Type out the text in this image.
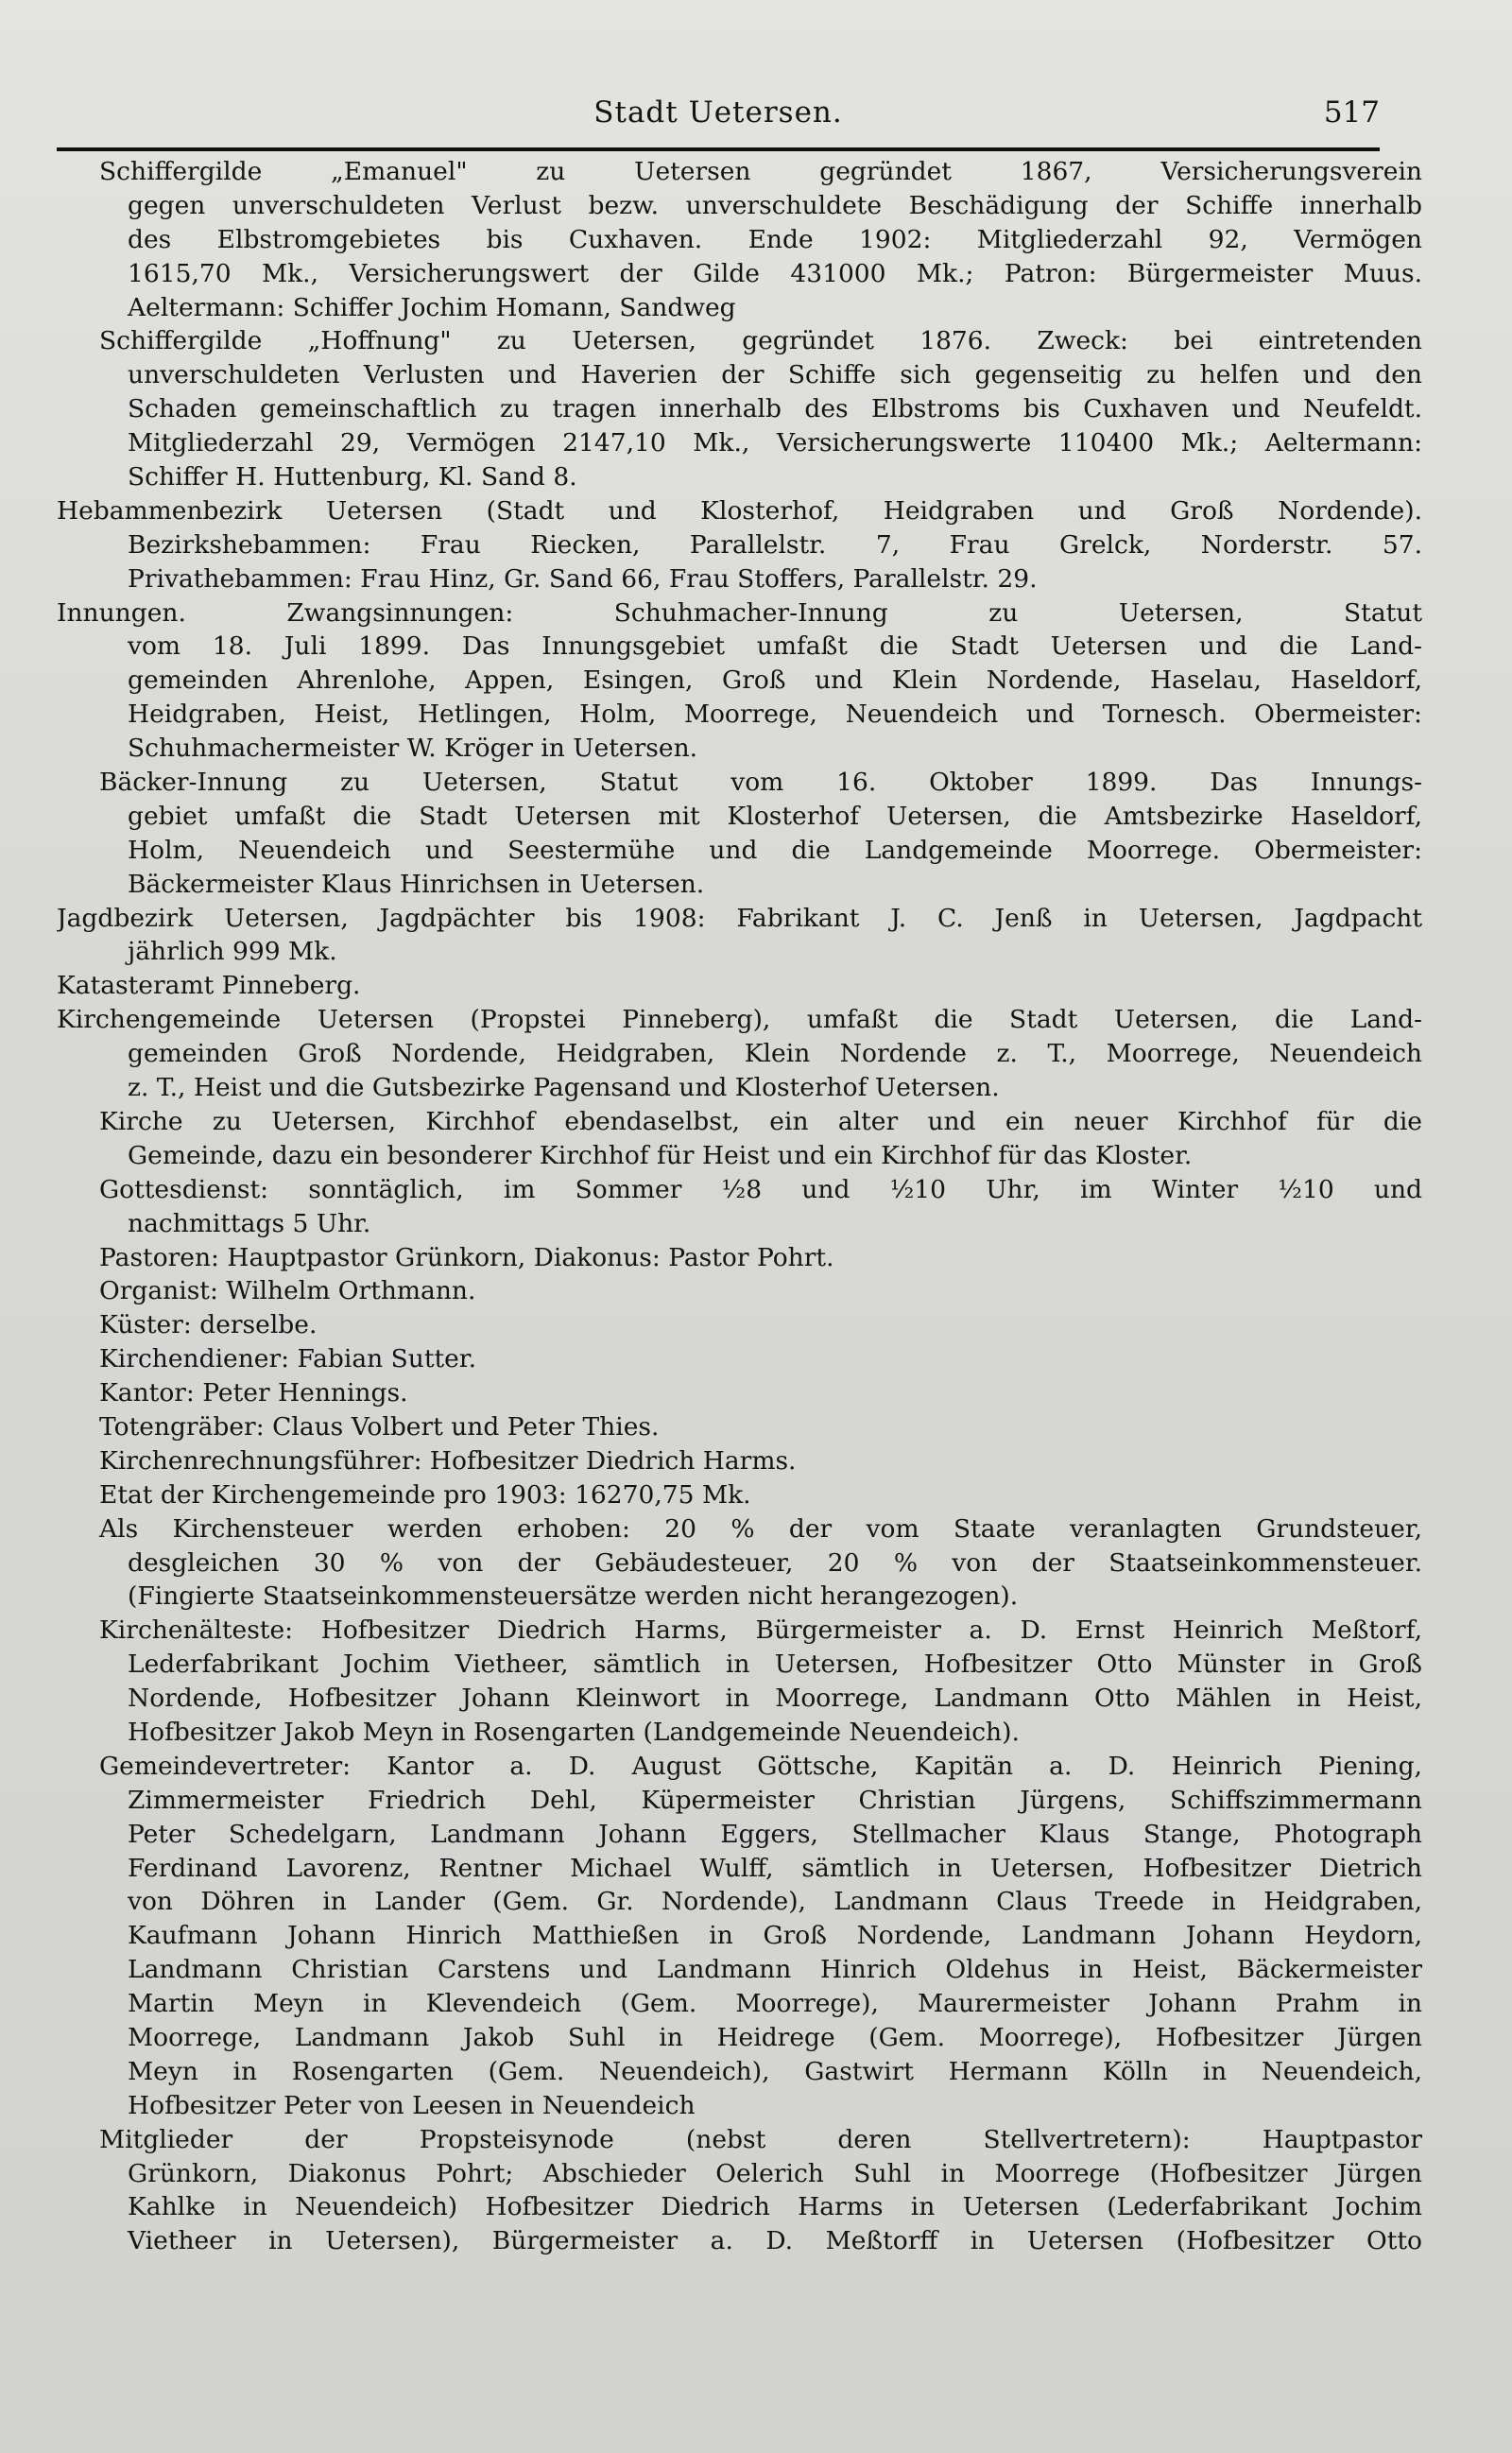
Stadt Uetersen.	517
Schiffergilde „Emanuel" zu Uetersen gegründet 1867, Versicherungsverein
gegen unverschuldeten Verlust bezw. unverschuldete Beschädigung der Schiffe innerhalb
des Elbstromgebietes bis Cuxhaven. Ende 1902: Mitgliederzahl 92, Vermögen
1615,70 Mk., Versicherungswert der Gilde 431000 Mk.; Patron: Bürgermeister Muus.
Aeltermann: Schiffer Jochim Homann, Sandweg
Schiffergilde „Hoffnung" zu Uetersen, gegründet 1876. Zweck: bei eintretenden
unverschuldeten Verlusten und Haverien der Schiffe sich gegenseitig zu helfen und den
Schaden gemeinschaftlich zu tragen innerhalb des Elbstroms bis Cuxhaven und Neufeldt.
Mitgliederzahl 29, Vermögen 2147,10 Mk., Versicherungswerte 110400 Mk.; Aeltermann:
Schiffer H. Huttenburg, Kl. Sand 8.
Hebammenbezirk Uetersen (Stadt und Klosterhof, Heidgraben und Groß Nordende).
Bezirkshebammen: Frau Riecken, Parallelstr. 7, Frau Grelck, Norderstr. 57.
Privathebammen: Frau Hinz, Gr. Sand 66, Frau Stoffers, Parallelstr. 29.
Innungen. Zwangsinnungen: Schuhmacher-Innung zu Uetersen, Statut
vom 18. Juli 1899. Das Innungsgebiet umfaßt die Stadt Uetersen und die Land-
gemeinden Ahrenlohe, Appen, Esingen, Groß und Klein Nordende, Haselau, Haseldorf,
Heidgraben, Heist, Hetlingen, Holm, Moorrege, Neuendeich und Tornesch. Obermeister:
Schuhmachermeister W. Kröger in Uetersen.
Bäcker-Innung zu Uetersen, Statut vom 16. Oktober 1899. Das Innungs-
gebiet umfaßt die Stadt Uetersen mit Klosterhof Uetersen, die Amtsbezirke Haseldorf,
Holm, Neuendeich und Seestermühe und die Landgemeinde Moorrege. Obermeister:
Bäckermeister Klaus Hinrichsen in Uetersen.
Jagdbezirk Uetersen, Jagdpächter bis 1908: Fabrikant J. C. Jenß in Uetersen, Jagdpacht
jährlich 999 Mk.
Katasteramt Pinneberg.
Kirchengemeinde Uetersen (Propstei Pinneberg), umfaßt die Stadt Uetersen, die Land-
gemeinden Groß Nordende, Heidgraben, Klein Nordende z. T., Moorrege, Neuendeich
z. T., Heist und die Gutsbezirke Pagensand und Klosterhof Uetersen.
Kirche zu Uetersen, Kirchhof ebendaselbst, ein alter und ein neuer Kirchhof für die
Gemeinde, dazu ein besonderer Kirchhof für Heist und ein Kirchhof für das Kloster.
Gottesdienst: sonntäglich, im Sommer ½8 und ½10 Uhr, im Winter ½10 und
nachmittags 5 Uhr.
Pastoren: Hauptpastor Grünkorn, Diakonus: Pastor Pohrt.
Organist: Wilhelm Orthmann.
Küster: derselbe.
Kirchendiener: Fabian Sutter.
Kantor: Peter Hennings.
Totengräber: Claus Volbert und Peter Thies.
Kirchenrechnungsführer: Hofbesitzer Diedrich Harms.
Etat der Kirchengemeinde pro 1903: 16270,75 Mk.
Als Kirchensteuer werden erhoben: 20 % der vom Staate veranlagten Grundsteuer,
desgleichen 30 % von der Gebäudesteuer, 20 % von der Staatseinkommensteuer.
(Fingierte Staatseinkommensteuersätze werden nicht herangezogen).
Kirchenälteste: Hofbesitzer Diedrich Harms, Bürgermeister a. D. Ernst Heinrich Meßtorf,
Lederfabrikant Jochim Vietheer, sämtlich in Uetersen, Hofbesitzer Otto Münster in Groß
Nordende, Hofbesitzer Johann Kleinwort in Moorrege, Landmann Otto Mählen in Heist,
Hofbesitzer Jakob Meyn in Rosengarten (Landgemeinde Neuendeich).
Gemeindevertreter: Kantor a. D. August Göttsche, Kapitän a. D. Heinrich Piening,
Zimmermeister Friedrich Dehl, Küpermeister Christian Jürgens, Schiffszimmermann
Peter Schedelgarn, Landmann Johann Eggers, Stellmacher Klaus Stange, Photograph
Ferdinand Lavorenz, Rentner Michael Wulff, sämtlich in Uetersen, Hofbesitzer Dietrich
von Döhren in Lander (Gem. Gr. Nordende), Landmann Claus Treede in Heidgraben,
Kaufmann Johann Hinrich Matthießen in Groß Nordende, Landmann Johann Heydorn,
Landmann Christian Carstens und Landmann Hinrich Oldehus in Heist, Bäckermeister
Martin Meyn in Klevendeich (Gem. Moorrege), Maurermeister Johann Prahm in
Moorrege, Landmann Jakob Suhl in Heidrege (Gem. Moorrege), Hofbesitzer Jürgen
Meyn in Rosengarten (Gem. Neuendeich), Gastwirt Hermann Kölln in Neuendeich,
Hofbesitzer Peter von Leesen in Neuendeich
Mitglieder der Propsteisynode (nebst deren Stellvertretern): Hauptpastor
Grünkorn, Diakonus Pohrt; Abschieder Oelerich Suhl in Moorrege (Hofbesitzer Jürgen
Kahlke in Neuendeich) Hofbesitzer Diedrich Harms in Uetersen (Lederfabrikant Jochim
Vietheer in Uetersen), Bürgermeister a. D. Meßtorff in Uetersen (Hofbesitzer Otto
